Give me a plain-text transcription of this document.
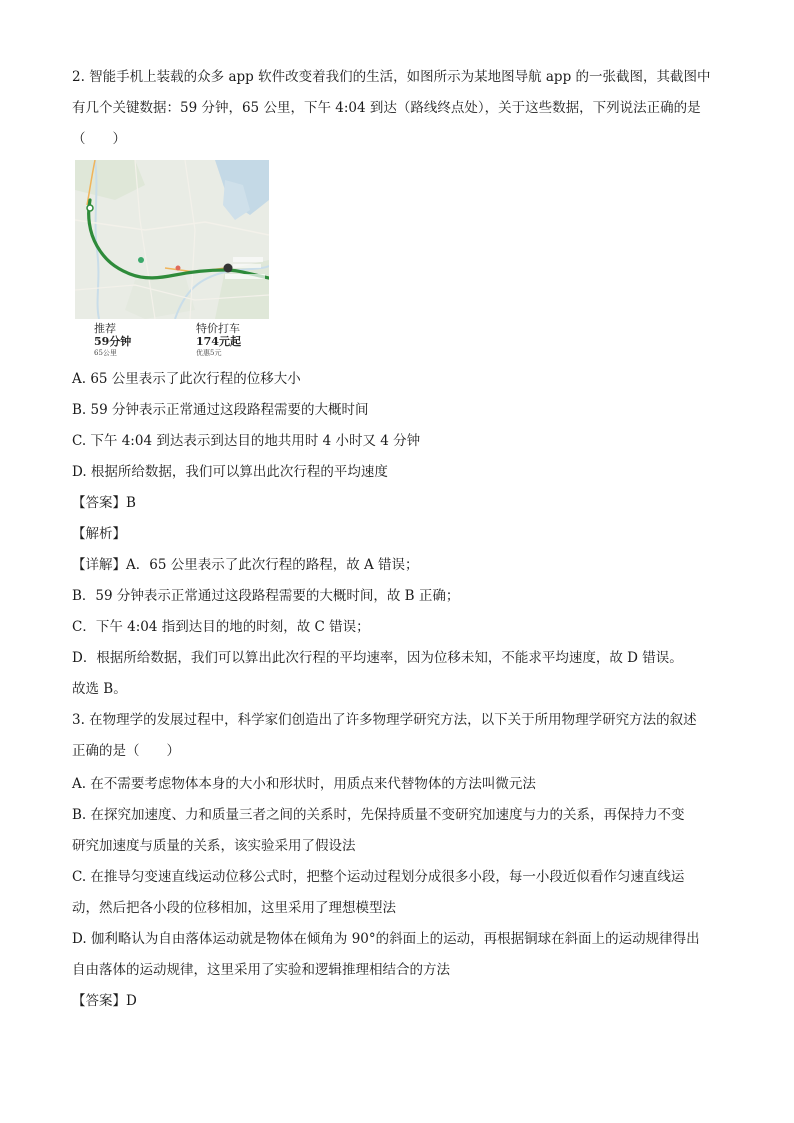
2. 智能手机上装载的众多 app 软件改变着我们的生活，如图所示为某地图导航 app 的一张截图，其截图中
有几个关键数据：59 分钟，65 公里，下午 4:04 到达（路线终点处），关于这些数据，下列说法正确的是
（　　）
推荐
59分钟
65公里
特价打车
174元起
优惠5元
A. 65 公里表示了此次行程的位移大小
B. 59 分钟表示正常通过这段路程需要的大概时间
C. 下午 4:04 到达表示到达目的地共用时 4 小时又 4 分钟
D. 根据所给数据，我们可以算出此次行程的平均速度
【答案】B
【解析】
【详解】A．65 公里表示了此次行程的路程，故 A 错误；
B．59 分钟表示正常通过这段路程需要的大概时间，故 B 正确；
C．下午 4:04 指到达目的地的时刻，故 C 错误；
D．根据所给数据，我们可以算出此次行程的平均速率，因为位移未知，不能求平均速度，故 D 错误。
故选 B。
3. 在物理学的发展过程中，科学家们创造出了许多物理学研究方法，以下关于所用物理学研究方法的叙述
正确的是（　　）
A. 在不需要考虑物体本身的大小和形状时，用质点来代替物体的方法叫微元法
B. 在探究加速度、力和质量三者之间的关系时，先保持质量不变研究加速度与力的关系，再保持力不变
研究加速度与质量的关系，该实验采用了假设法
C. 在推导匀变速直线运动位移公式时，把整个运动过程划分成很多小段，每一小段近似看作匀速直线运
动，然后把各小段的位移相加，这里采用了理想模型法
D. 伽利略认为自由落体运动就是物体在倾角为 90°的斜面上的运动，再根据铜球在斜面上的运动规律得出
自由落体的运动规律，这里采用了实验和逻辑推理相结合的方法
【答案】D
